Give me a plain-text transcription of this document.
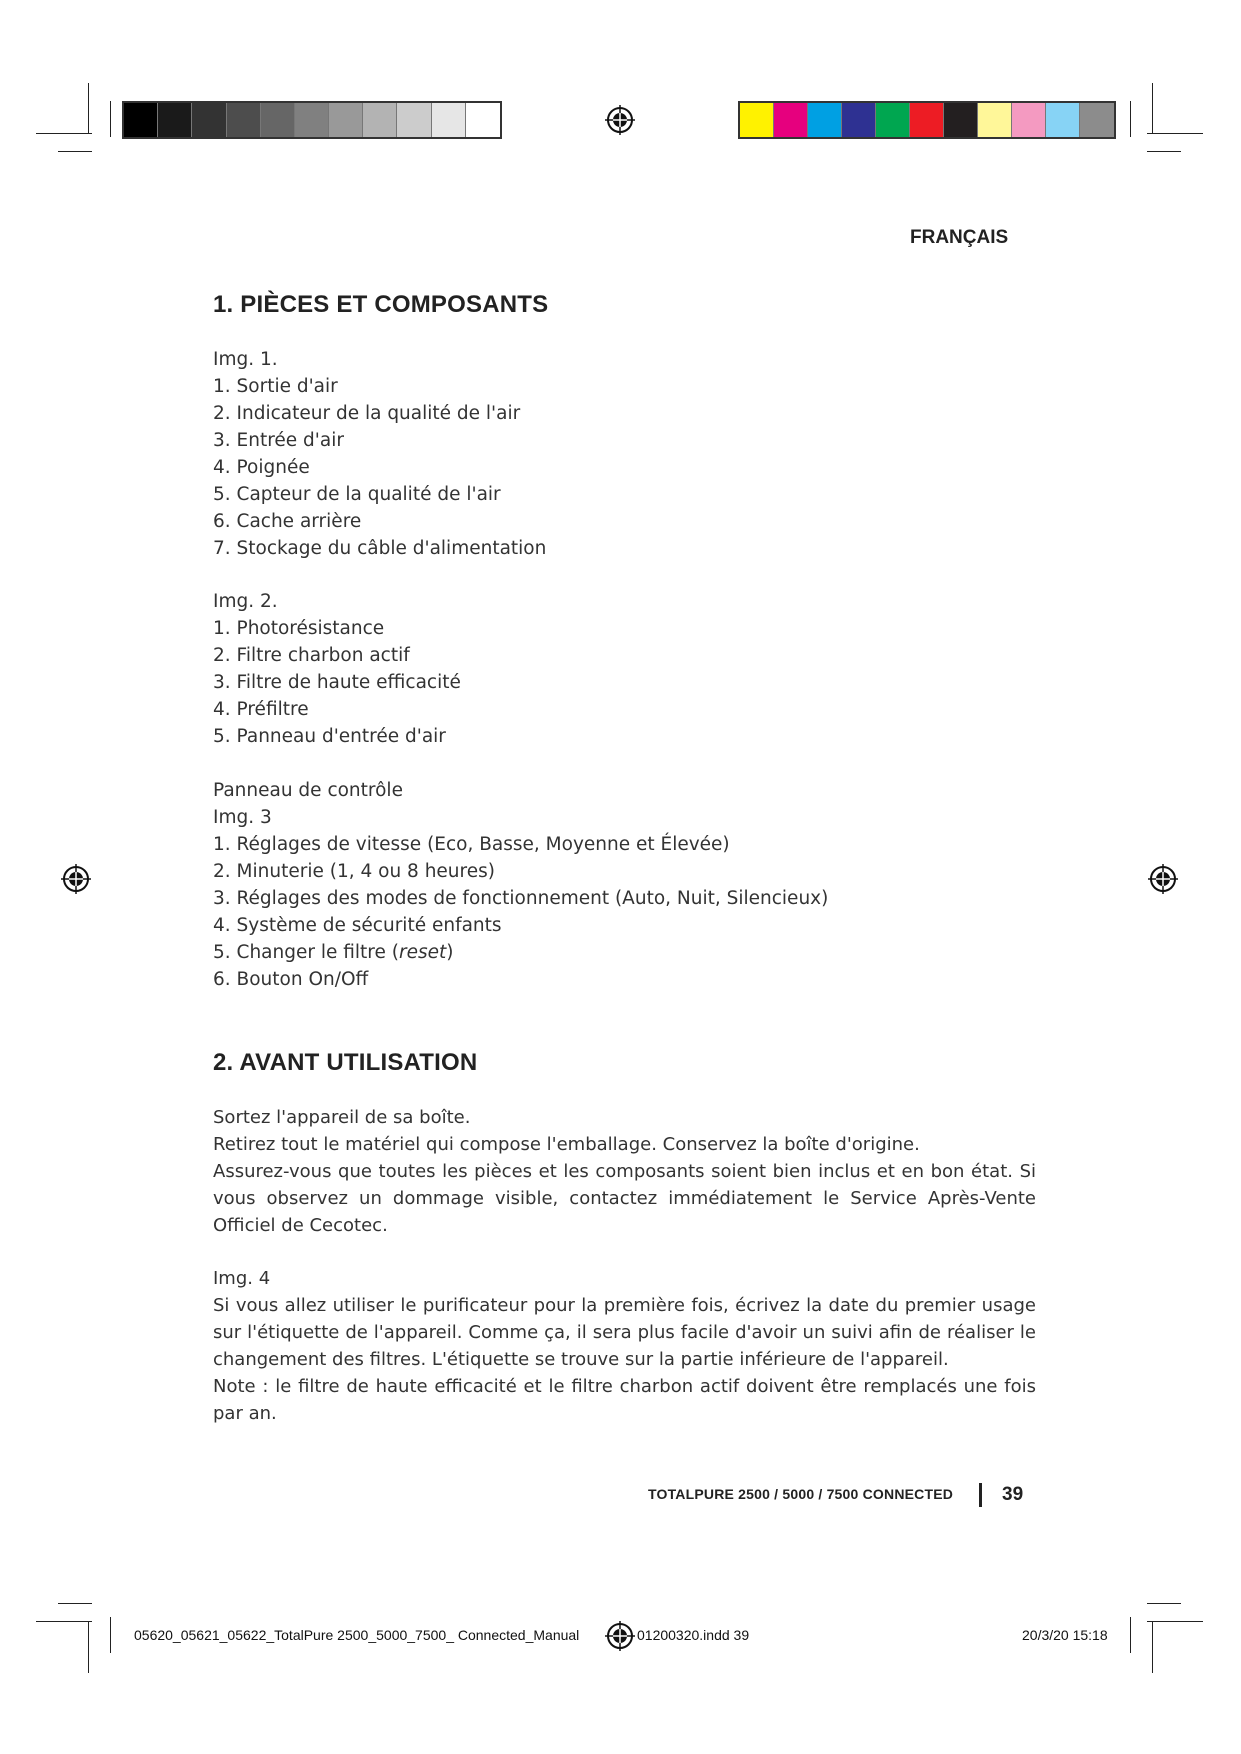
FRANÇAIS
1. PIÈCES ET COMPOSANTS
Img. 1.
1. Sortie d'air
2. Indicateur de la qualité de l'air
3. Entrée d'air
4. Poignée
5. Capteur de la qualité de l'air
6. Cache arrière
7. Stockage du câble d'alimentation
Img. 2.
1. Photorésistance
2. Filtre charbon actif
3. Filtre de haute efficacité
4. Préfiltre
5. Panneau d'entrée d'air
Panneau de contrôle
Img. 3
1. Réglages de vitesse (Eco, Basse, Moyenne et Élevée)
2. Minuterie (1, 4 ou 8 heures)
3. Réglages des modes de fonctionnement (Auto, Nuit, Silencieux)
4. Système de sécurité enfants
5. Changer le filtre (reset)
6. Bouton On/Off
2. AVANT UTILISATION

Sortez l'appareil de sa boîte.

Retirez tout le matériel qui compose l'emballage. Conservez la boîte d'origine.

Assurez-vous que toutes les pièces et les composants soient bien inclus et en bon état. Si vous observez un dommage visible, contactez immédiatement le Service Après-Vente Officiel de Cecotec.

Img. 4

Si vous allez utiliser le purificateur pour la première fois, écrivez la date du premier usage sur l'étiquette de l'appareil. Comme ça, il sera plus facile d'avoir un suivi afin de réaliser le changement des filtres. L'étiquette se trouve sur la partie inférieure de l'appareil.

Note : le filtre de haute efficacité et le filtre charbon actif doivent être remplacés une fois par an.

TOTALPURE 2500 / 5000 / 7500 CONNECTED	39
05620_05621_05622_TotalPure 2500_5000_7500_ Connected_Manual	01200320.indd 39	20/3/20 15:18
